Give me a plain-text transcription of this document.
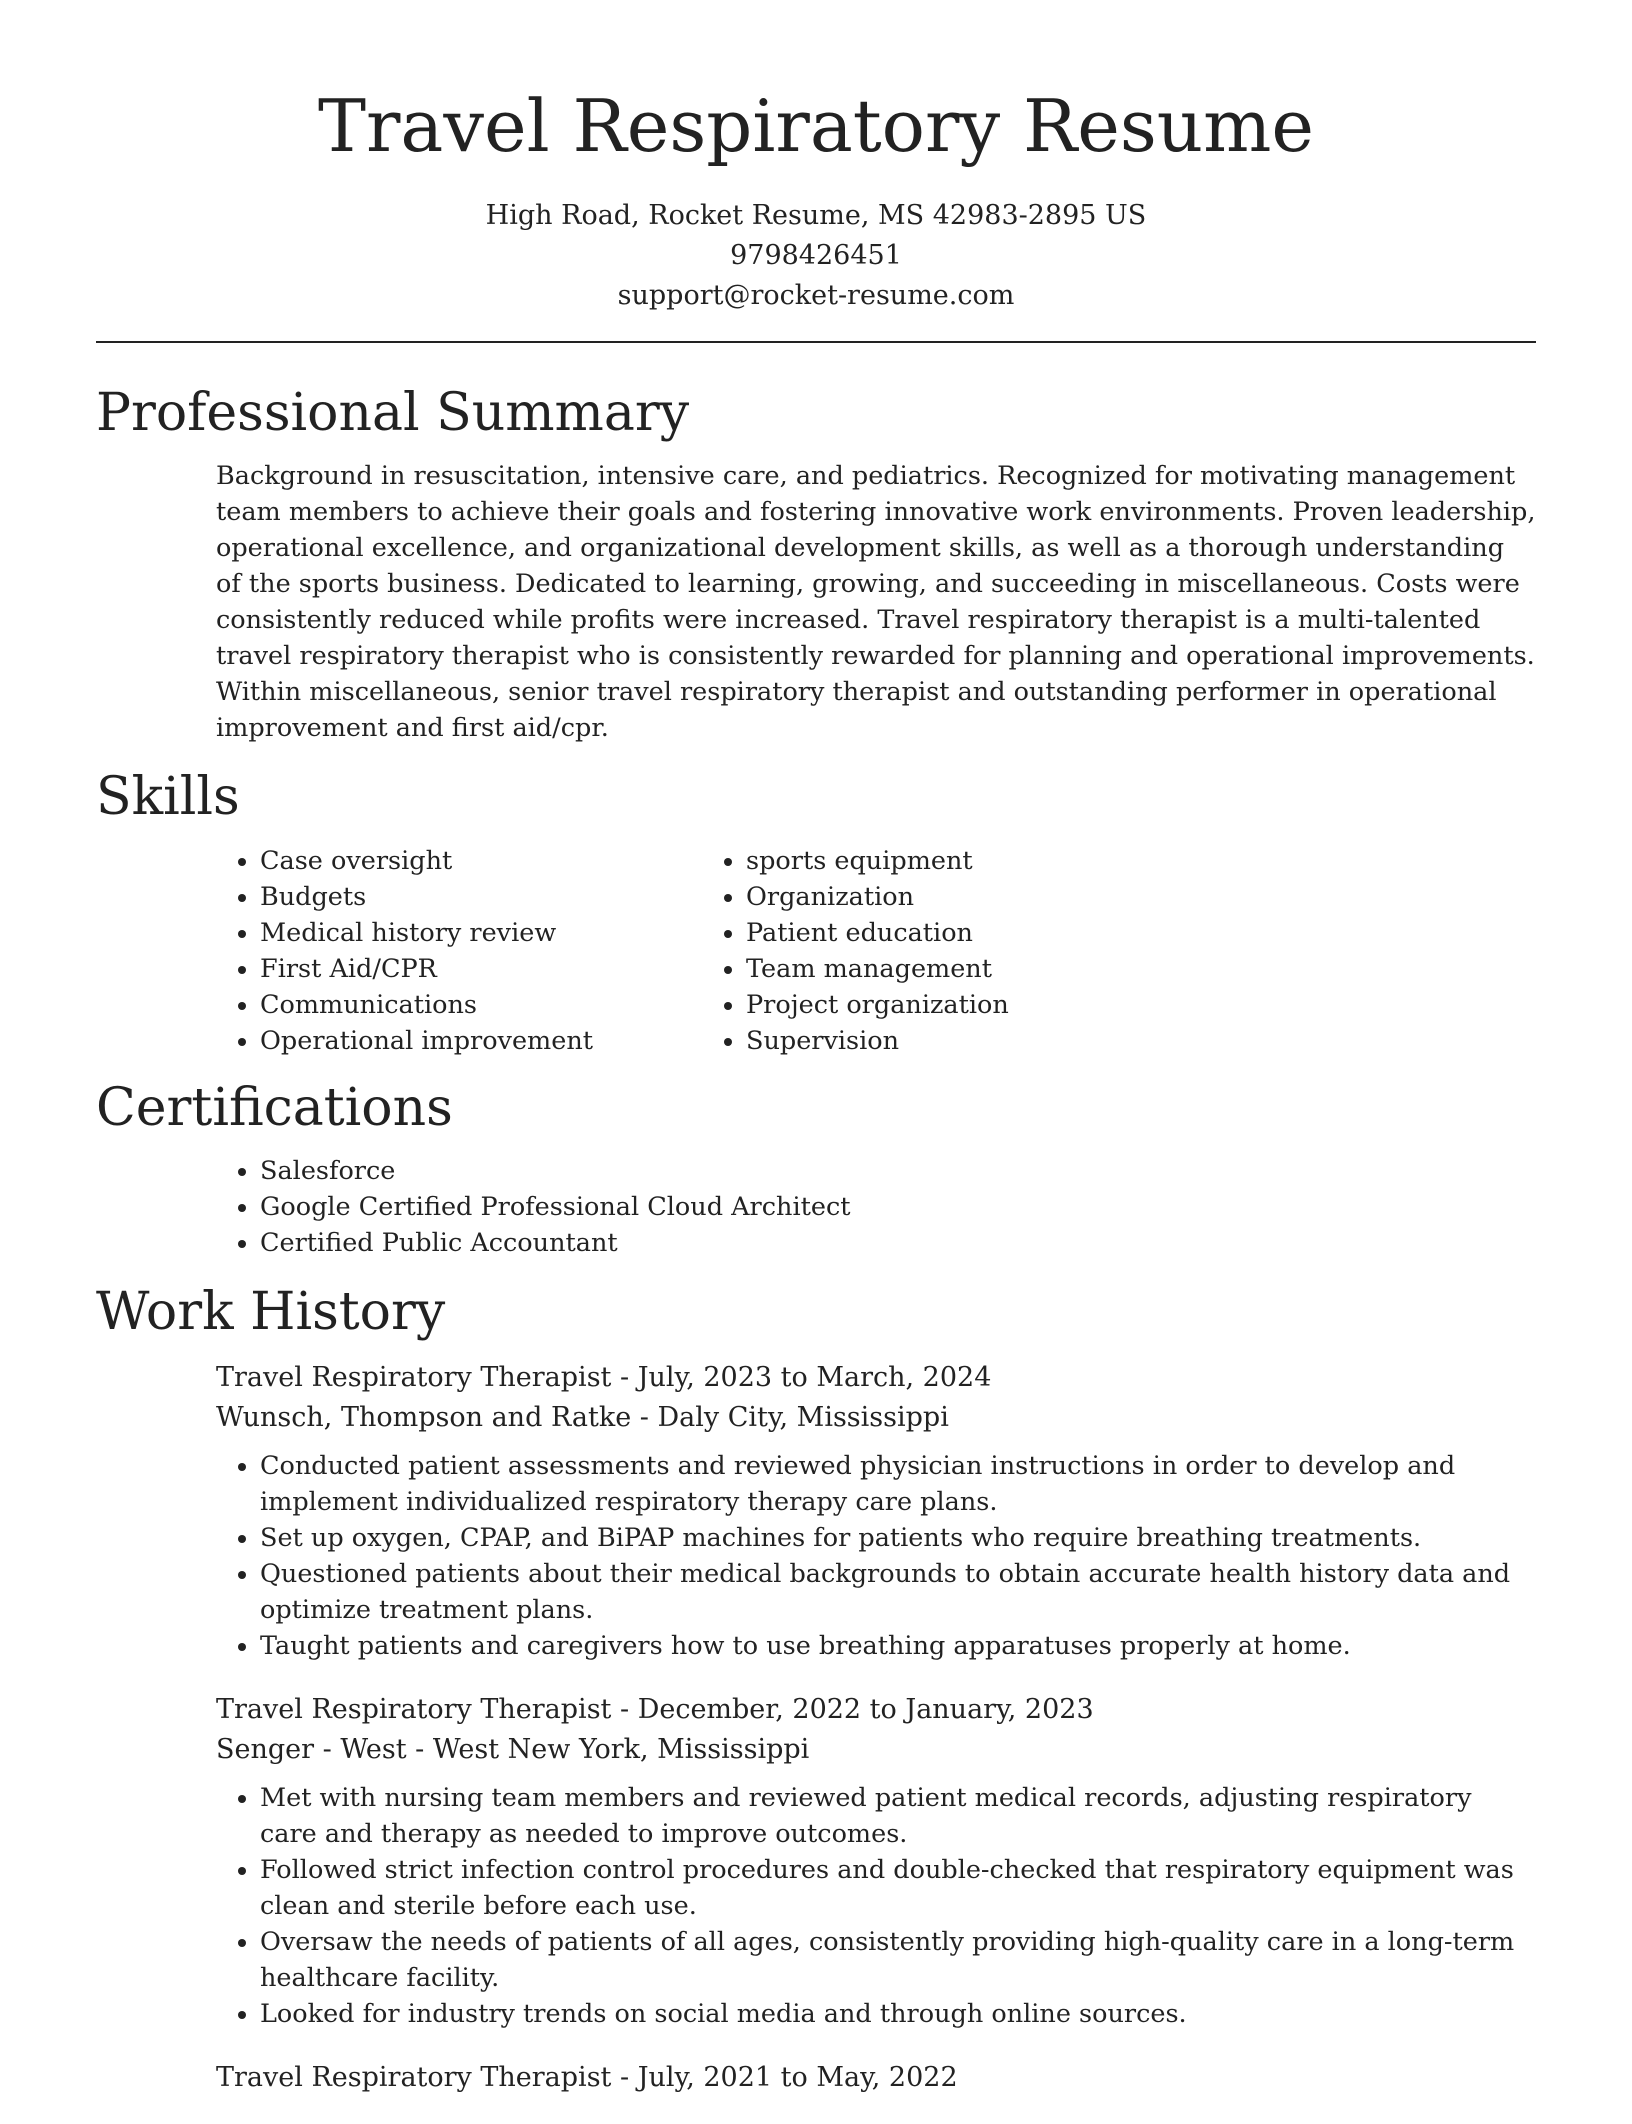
Travel Respiratory Resume
High Road, Rocket Resume, MS 42983-2895 US
9798426451
support@rocket-resume.com
Professional Summary

Background in resuscitation, intensive care, and pediatrics. Recognized for motivating management team members to achieve their goals and fostering innovative work environments. Proven leadership, operational excellence, and organizational development skills, as well as a thorough understanding of the sports business. Dedicated to learning, growing, and succeeding in miscellaneous. Costs were consistently reduced while profits were increased. Travel respiratory therapist is a multi-talented travel respiratory therapist who is consistently rewarded for planning and operational improvements. Within miscellaneous, senior travel respiratory therapist and outstanding performer in operational improvement and first aid/cpr.

Skills
• Case oversight
• Budgets
• Medical history review
• First Aid/CPR
• Communications
• Operational improvement
• sports equipment
• Organization
• Patient education
• Team management
• Project organization
• Supervision
Certifications
• Salesforce
• Google Certified Professional Cloud Architect
• Certified Public Accountant
Work History
Travel Respiratory Therapist - July, 2023 to March, 2024
Wunsch, Thompson and Ratke - Daly City, Mississippi
• Conducted patient assessments and reviewed physician instructions in order to develop and implement individualized respiratory therapy care plans.
• Set up oxygen, CPAP, and BiPAP machines for patients who require breathing treatments.
• Questioned patients about their medical backgrounds to obtain accurate health history data and optimize treatment plans.
• Taught patients and caregivers how to use breathing apparatuses properly at home.
Travel Respiratory Therapist - December, 2022 to January, 2023
Senger - West - West New York, Mississippi
• Met with nursing team members and reviewed patient medical records, adjusting respiratory care and therapy as needed to improve outcomes.
• Followed strict infection control procedures and double-checked that respiratory equipment was clean and sterile before each use.
• Oversaw the needs of patients of all ages, consistently providing high-quality care in a long-term healthcare facility.
• Looked for industry trends on social media and through online sources.
Travel Respiratory Therapist - July, 2021 to May, 2022
